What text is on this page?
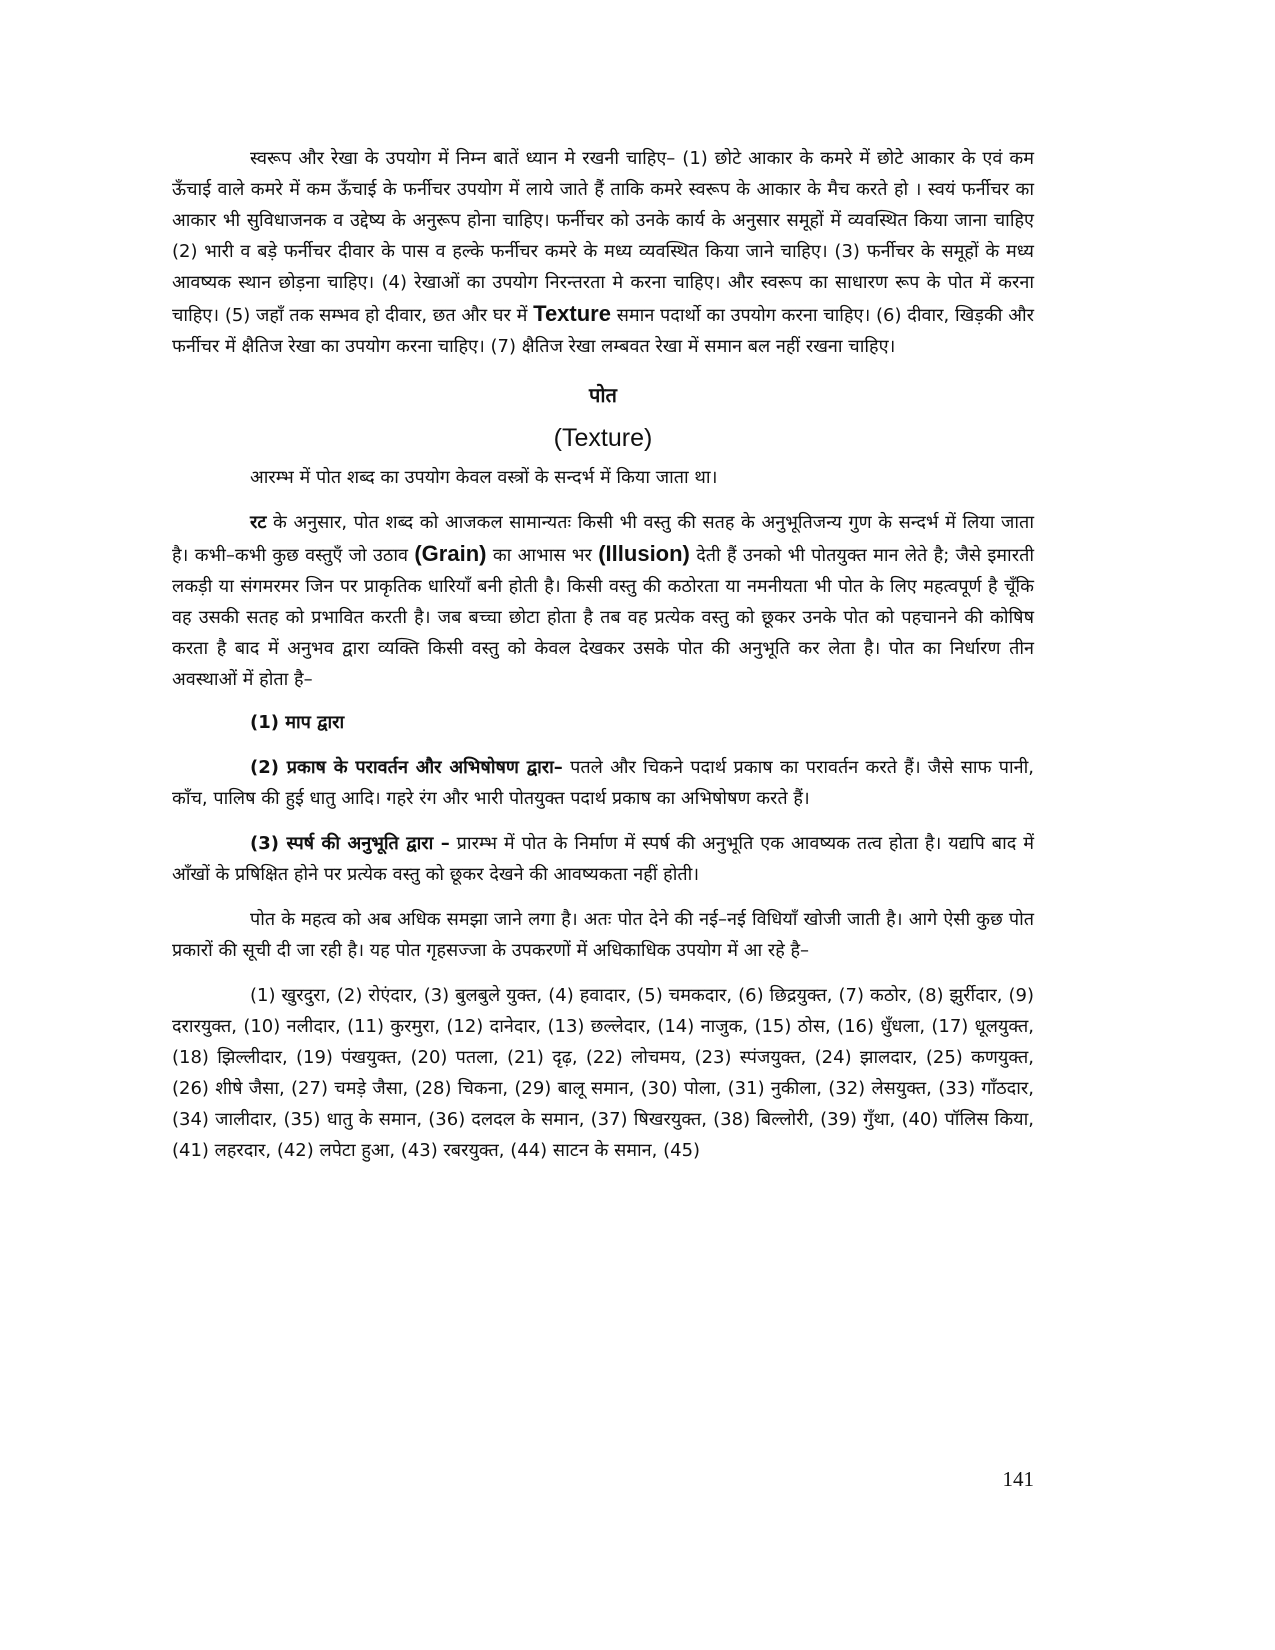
स्वरूप और रेखा के उपयोग में निम्न बातें ध्यान मे रखनी चाहिए– (1) छोटे आकार के कमरे में छोटे आकार के एवं कम ऊँचाई वाले कमरे में कम ऊँचाई के फर्नीचर उपयोग में लाये जाते हैं ताकि कमरे स्वरूप के आकार के मैच करते हो । स्वयं फर्नीचर का आकार भी सुविधाजनक व उद्देष्य के अनुरूप होना चाहिए। फर्नीचर को उनके कार्य के अनुसार समूहों में व्यवस्थित किया जाना चाहिए (2) भारी व बड़े फर्नीचर दीवार के पास व हल्के फर्नीचर कमरे के मध्य व्यवस्थित किया जाने चाहिए। (3) फर्नीचर के समूहों के मध्य आवष्यक स्थान छोड़ना चाहिए। (4) रेखाओं का उपयोग निरन्तरता मे करना चाहिए। और स्वरूप का साधारण रूप के पोत में करना चाहिए। (5) जहाँ तक सम्भव हो दीवार, छत और घर में Texture समान पदार्थो का उपयोग करना चाहिए। (6) दीवार, खिड़की और फर्नीचर में क्षैतिज रेखा का उपयोग करना चाहिए। (7) क्षैतिज रेखा लम्बवत रेखा में समान बल नहीं रखना चाहिए।

पोत
(Texture)

आरम्भ में पोत शब्द का उपयोग केवल वस्त्रों के सन्दर्भ में किया जाता था।

रट के अनुसार, पोत शब्द को आजकल सामान्यतः किसी भी वस्तु की सतह के अनुभूतिजन्य गुण के सन्दर्भ में लिया जाता है। कभी–कभी कुछ वस्तुएँ जो उठाव (Grain) का आभास भर (Illusion) देती हैं उनको भी पोतयुक्त मान लेते है; जैसे इमारती लकड़ी या संगमरमर जिन पर प्राकृतिक धारियाँ बनी होती है। किसी वस्तु की कठोरता या नमनीयता भी पोत के लिए महत्वपूर्ण है चूँकि वह उसकी सतह को प्रभावित करती है। जब बच्चा छोटा होता है तब वह प्रत्येक वस्तु को छूकर उनके पोत को पहचानने की कोषिष करता है बाद में अनुभव द्वारा व्यक्ति किसी वस्तु को केवल देखकर उसके पोत की अनुभूति कर लेता है। पोत का निर्धारण तीन अवस्थाओं में होता है–

(1) माप द्वारा

(2) प्रकाष के परावर्तन और अभिषोषण द्वारा– पतले और चिकने पदार्थ प्रकाष का परावर्तन करते हैं। जैसे साफ पानी, काँच, पालिष की हुई धातु आदि। गहरे रंग और भारी पोतयुक्त पदार्थ प्रकाष का अभिषोषण करते हैं।

(3) स्पर्ष की अनुभूति द्वारा – प्रारम्भ में पोत के निर्माण में स्पर्ष की अनुभूति एक आवष्यक तत्व होता है। यद्यपि बाद में आँखों के प्रषिक्षित होने पर प्रत्येक वस्तु को छूकर देखने की आवष्यकता नहीं होती।

पोत के महत्व को अब अधिक समझा जाने लगा है। अतः पोत देने की नई–नई विधियाँ खोजी जाती है। आगे ऐसी कुछ पोत प्रकारों की सूची दी जा रही है। यह पोत गृहसज्जा के उपकरणों में अधिकाधिक उपयोग में आ रहे है–

(1) खुरदुरा, (2) रोएंदार, (3) बुलबुले युक्त, (4) हवादार, (5) चमकदार, (6) छिद्रयुक्त, (7) कठोर, (8) झुर्रीदार, (9) दरारयुक्त, (10) नलीदार, (11) कुरमुरा, (12) दानेदार, (13) छल्लेदार, (14) नाजुक, (15) ठोस, (16) धुँधला, (17) धूलयुक्त, (18) झिल्लीदार, (19) पंखयुक्त, (20) पतला, (21) दृढ़, (22) लोचमय, (23) स्पंजयुक्त, (24) झालदार, (25) कणयुक्त, (26) शीषे जैसा, (27) चमड़े जैसा, (28) चिकना, (29) बालू समान, (30) पोला, (31) नुकीला, (32) लेसयुक्त, (33) गाँठदार, (34) जालीदार, (35) धातु के समान, (36) दलदल के समान, (37) षिखरयुक्त, (38) बिल्लोरी, (39) गुँथा, (40) पॉलिस किया, (41) लहरदार, (42) लपेटा हुआ, (43) रबरयुक्त, (44) साटन के समान, (45)

141
